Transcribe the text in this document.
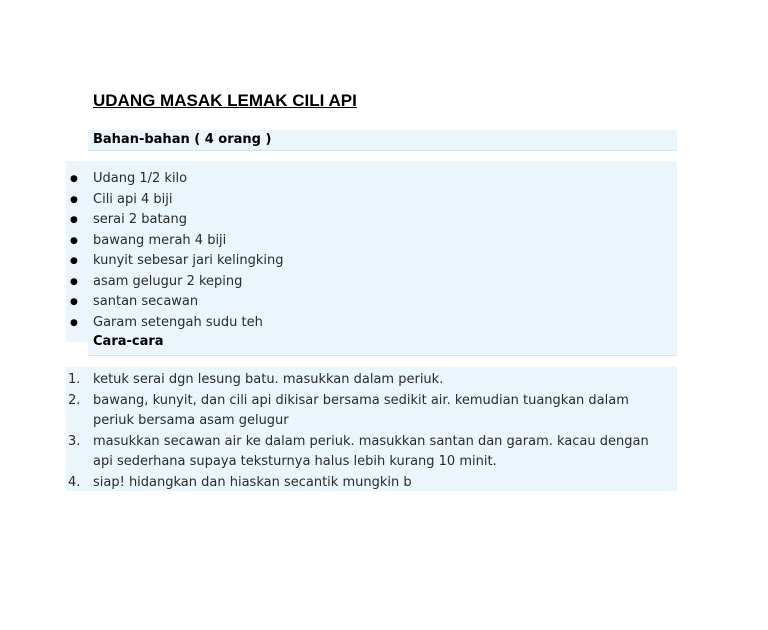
UDANG MASAK LEMAK CILI API
Bahan-bahan ( 4 orang )
● Udang 1/2 kilo
● Cili api 4 biji
● serai 2 batang
● bawang merah 4 biji
● kunyit sebesar jari kelingking
● asam gelugur 2 keping
● santan secawan
● Garam setengah sudu teh
Cara-cara
1. ketuk serai dgn lesung batu. masukkan dalam periuk.
2. bawang, kunyit, dan cili api dikisar bersama sedikit air. kemudian tuangkan dalam periuk bersama asam gelugur
3. masukkan secawan air ke dalam periuk. masukkan santan dan garam. kacau dengan api sederhana supaya teksturnya halus lebih kurang 10 minit.
4. siap! hidangkan dan hiaskan secantik mungkin b
